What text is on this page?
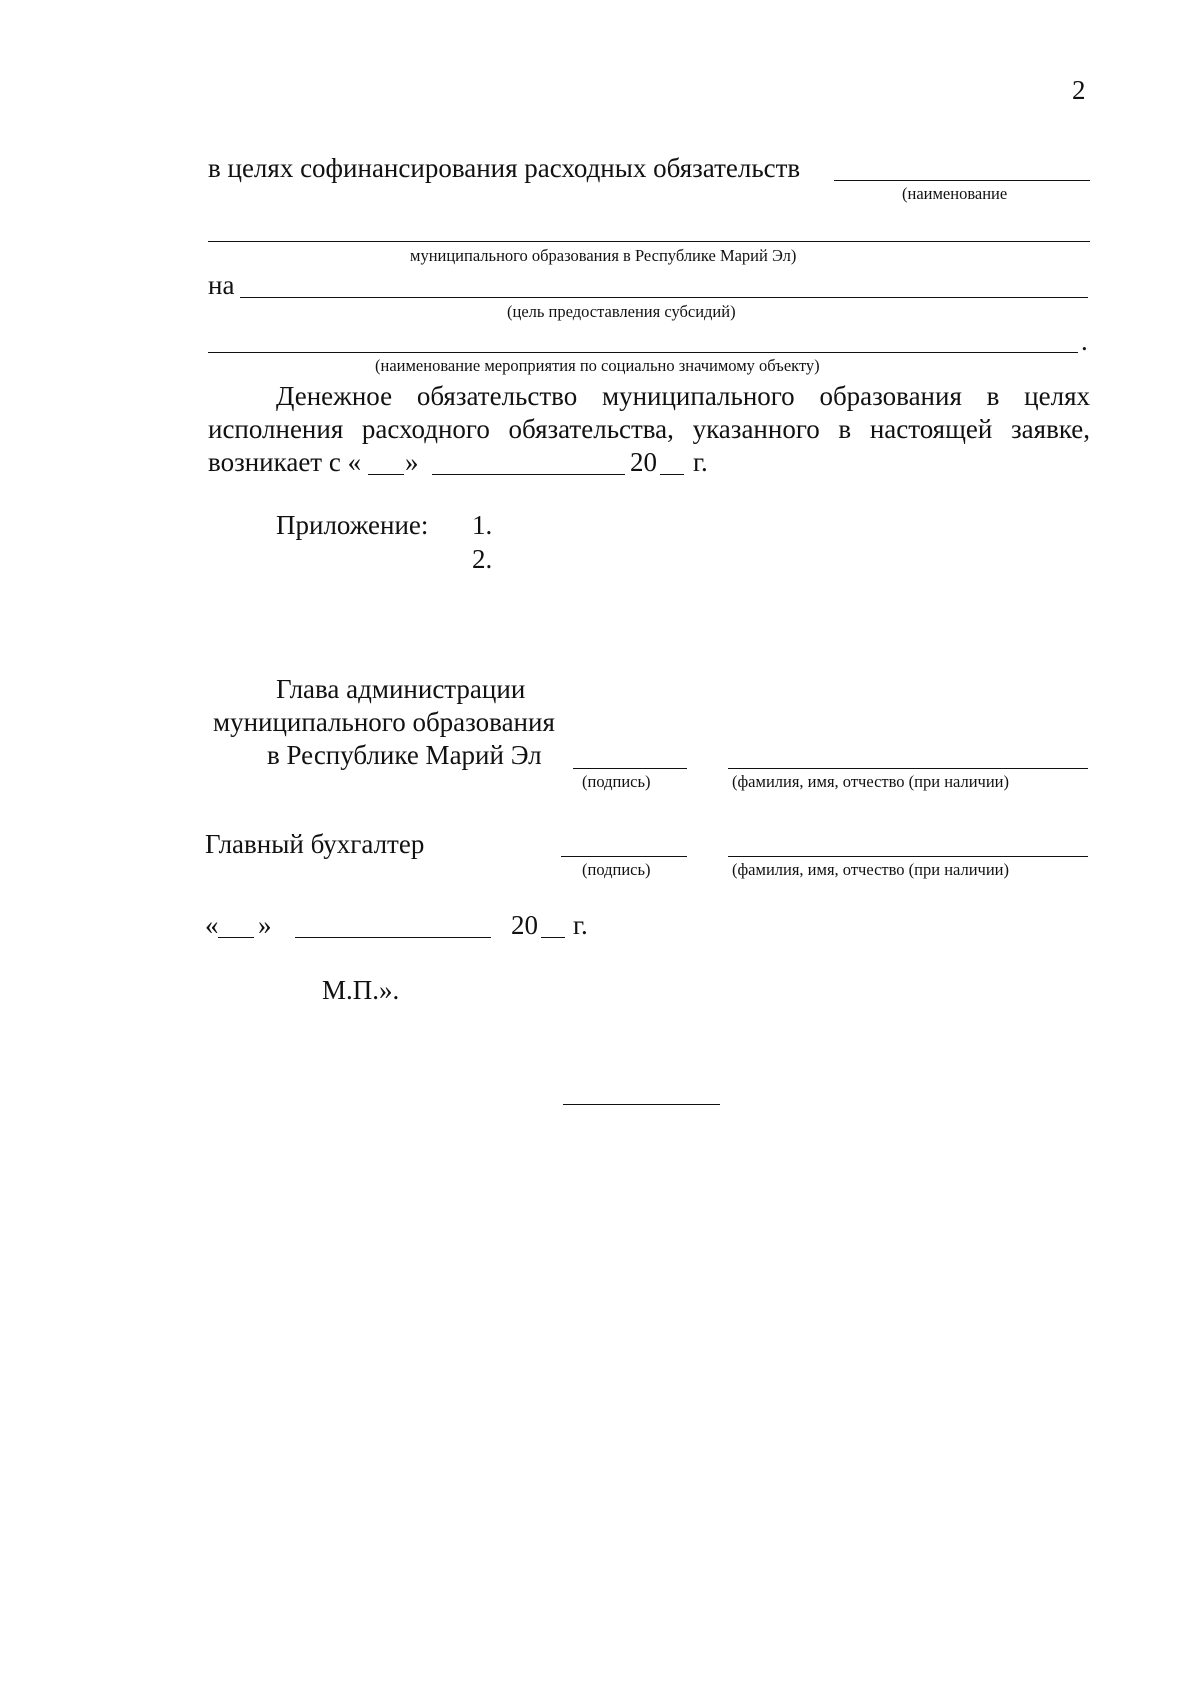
2
в целях софинансирования расходных обязательств
(наименование
муниципального образования в Республике Марий Эл)
на
(цель предоставления субсидий)
.
(наименование мероприятия по социально значимому объекту)
Денежное обязательство муниципального образования в целях
исполнения расходного обязательства, указанного в настоящей заявке,
возникает с « »	20 г.
Приложение: 1.
2.
Глава администрации
муниципального образования
в Республике Марий Эл
(подпись)	(фамилия, имя, отчество (при наличии)
Главный бухгалтер
(подпись)	(фамилия, имя, отчество (при наличии)
« »	20 г.
М.П.».
